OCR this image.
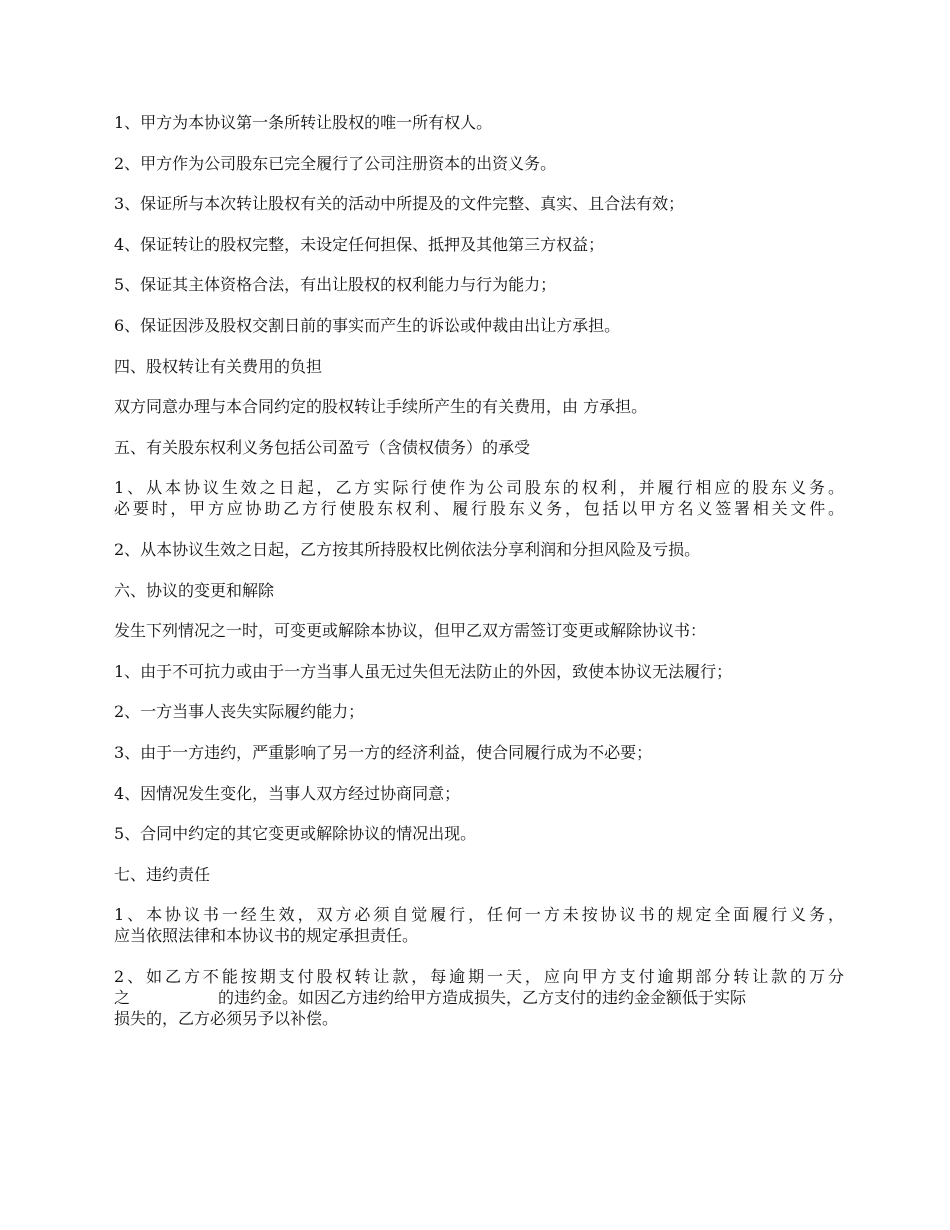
1、甲方为本协议第一条所转让股权的唯一所有权人。

2、甲方作为公司股东已完全履行了公司注册资本的出资义务。

3、保证所与本次转让股权有关的活动中所提及的文件完整、真实、且合法有效；

4、保证转让的股权完整，未设定任何担保、抵押及其他第三方权益；

5、保证其主体资格合法，有出让股权的权利能力与行为能力；

6、保证因涉及股权交割日前的事实而产生的诉讼或仲裁由出让方承担。

四、股权转让有关费用的负担

双方同意办理与本合同约定的股权转让手续所产生的有关费用，由 方承担。

五、有关股东权利义务包括公司盈亏（含债权债务）的承受

1、从本协议生效之日起，乙方实际行使作为公司股东的权利，并履行相应的股东义务。
必要时，甲方应协助乙方行使股东权利、履行股东义务，包括以甲方名义签署相关文件。

2、从本协议生效之日起，乙方按其所持股权比例依法分享利润和分担风险及亏损。

六、协议的变更和解除

发生下列情况之一时，可变更或解除本协议，但甲乙双方需签订变更或解除协议书：

1、由于不可抗力或由于一方当事人虽无过失但无法防止的外因，致使本协议无法履行；

2、一方当事人丧失实际履约能力；

3、由于一方违约，严重影响了另一方的经济利益，使合同履行成为不必要；

4、因情况发生变化，当事人双方经过协商同意；

5、合同中约定的其它变更或解除协议的情况出现。

七、违约责任

1、本协议书一经生效，双方必须自觉履行，任何一方未按协议书的规定全面履行义务，
应当依照法律和本协议书的规定承担责任。

2、如乙方不能按期支付股权转让款，每逾期一天，应向甲方支付逾期部分转让款的万分
之	的违约金。如因乙方违约给甲方造成损失，乙方支付的违约金金额低于实际
损失的，乙方必须另予以补偿。
